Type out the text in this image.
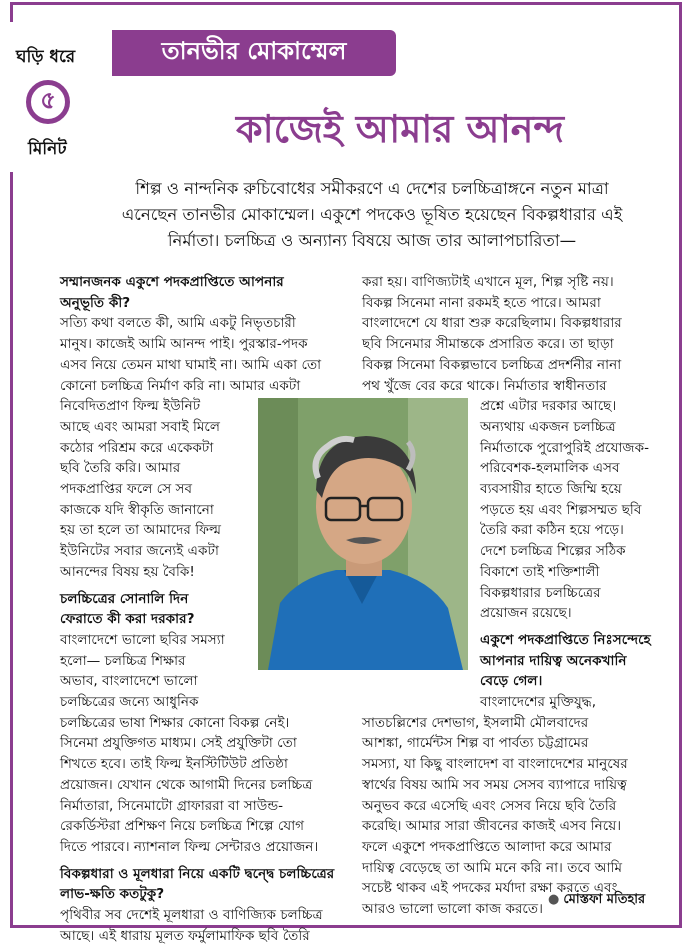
ঘড়ি ধরে
৫
মিনিট
তানভীর মোকাম্মেল
কাজেই আমার আনন্দ
শিল্প ও নান্দনিক রুচিবোধের সমীকরণে এ দেশের চলচ্চিত্রাঙ্গনে নতুন মাত্রা
এনেছেন তানভীর মোকাম্মেল। একুশে পদকেও ভূষিত হয়েছেন বিকল্পধারার এই
নির্মাতা। চলচ্চিত্র ও অন্যান্য বিষয়ে আজ তার আলাপচারিতা—
সম্মানজনক একুশে পদকপ্রাপ্তিতে আপনার
অনুভূতি কী?
সত্যি কথা বলতে কী, আমি একটু নিভৃতচারী
মানুষ। কাজেই আমি আনন্দ পাই। পুরস্কার-পদক
এসব নিয়ে তেমন মাথা ঘামাই না। আমি একা তো
কোনো চলচ্চিত্র নির্মাণ করি না। আমার একটা
নিবেদিতপ্রাণ ফিল্ম ইউনিট
আছে এবং আমরা সবাই মিলে
কঠোর পরিশ্রম করে একেকটা
ছবি তৈরি করি। আমার
পদকপ্রাপ্তির ফলে সে সব
কাজকে যদি স্বীকৃতি জানানো
হয় তা হলে তা আমাদের ফিল্ম
ইউনিটের সবার জন্যেই একটা
আনন্দের বিষয় হয় বৈকি!
চলচ্চিত্রের সোনালি দিন
ফেরাতে কী করা দরকার?
বাংলাদেশে ভালো ছবির সমস্যা
হলো— চলচ্চিত্র শিক্ষার
অভাব, বাংলাদেশে ভালো
চলচ্চিত্রের জন্যে আধুনিক
চলচ্চিত্রের ভাষা শিক্ষার কোনো বিকল্প নেই।
সিনেমা প্রযুক্তিগত মাধ্যম। সেই প্রযুক্তিটা তো
শিখতে হবে। তাই ফিল্ম ইনস্টিটিউট প্রতিষ্ঠা
প্রয়োজন। যেখান থেকে আগামী দিনের চলচ্চিত্র
নির্মাতারা, সিনেমাটো গ্রাফাররা বা সাউন্ড-
রেকর্ডিস্টরা প্রশিক্ষণ নিয়ে চলচ্চিত্র শিল্পে যোগ
দিতে পারবে। ন্যাশনাল ফিল্ম সেন্টারও প্রয়োজন।
বিকল্পধারা ও মূলধারা নিয়ে একটি দ্বন্দ্বে চলচ্চিত্রের
লাভ-ক্ষতি কতটুকু?
পৃথিবীর সব দেশেই মূলধারা ও বাণিজ্যিক চলচ্চিত্র
আছে। এই ধারায় মূলত ফর্মুলামাফিক ছবি তৈরি
করা হয়। বাণিজ্যটাই এখানে মূল, শিল্প সৃষ্টি নয়।
বিকল্প সিনেমা নানা রকমই হতে পারে। আমরা
বাংলাদেশে যে ধারা শুরু করেছিলাম। বিকল্পধারার
ছবি সিনেমার সীমান্তকে প্রসারিত করে। তা ছাড়া
বিকল্প সিনেমা বিকল্পভাবে চলচ্চিত্র প্রদর্শনীর নানা
পথ খুঁজে বের করে থাকে। নির্মাতার স্বাধীনতার
প্রশ্নে এটার দরকার আছে।
অন্যথায় একজন চলচ্চিত্র
নির্মাতাকে পুরোপুরিই প্রযোজক-
পরিবেশক-হলমালিক এসব
ব্যবসায়ীর হাতে জিম্মি হয়ে
পড়তে হয় এবং শিল্পসম্মত ছবি
তৈরি করা কঠিন হয়ে পড়ে।
দেশে চলচ্চিত্র শিল্পের সঠিক
বিকাশে তাই শক্তিশালী
বিকল্পধারার চলচ্চিত্রের
প্রয়োজন রয়েছে।
একুশে পদকপ্রাপ্তিতে নিঃসন্দেহে
আপনার দায়িত্ব অনেকখানি
বেড়ে গেল।
বাংলাদেশের মুক্তিযুদ্ধ,
সাতচল্লিশের দেশভাগ, ইসলামী মৌলবাদের
আশঙ্কা, গার্মেন্টস শিল্প বা পার্বত্য চট্টগ্রামের
সমস্যা, যা কিছু বাংলাদেশ বা বাংলাদেশের মানুষের
স্বার্থের বিষয় আমি সব সময় সেসব ব্যাপারে দায়িত্ব
অনুভব করে এসেছি এবং সেসব নিয়ে ছবি তৈরি
করেছি। আমার সারা জীবনের কাজই এসব নিয়ে।
ফলে একুশে পদকপ্রাপ্তিতে আলাদা করে আমার
দায়িত্ব বেড়েছে তা আমি মনে করি না। তবে আমি
সচেষ্ট থাকব এই পদকের মর্যাদা রক্ষা করতে এবং
আরও ভালো ভালো কাজ করতে।
● মোস্তফা মতিহার
